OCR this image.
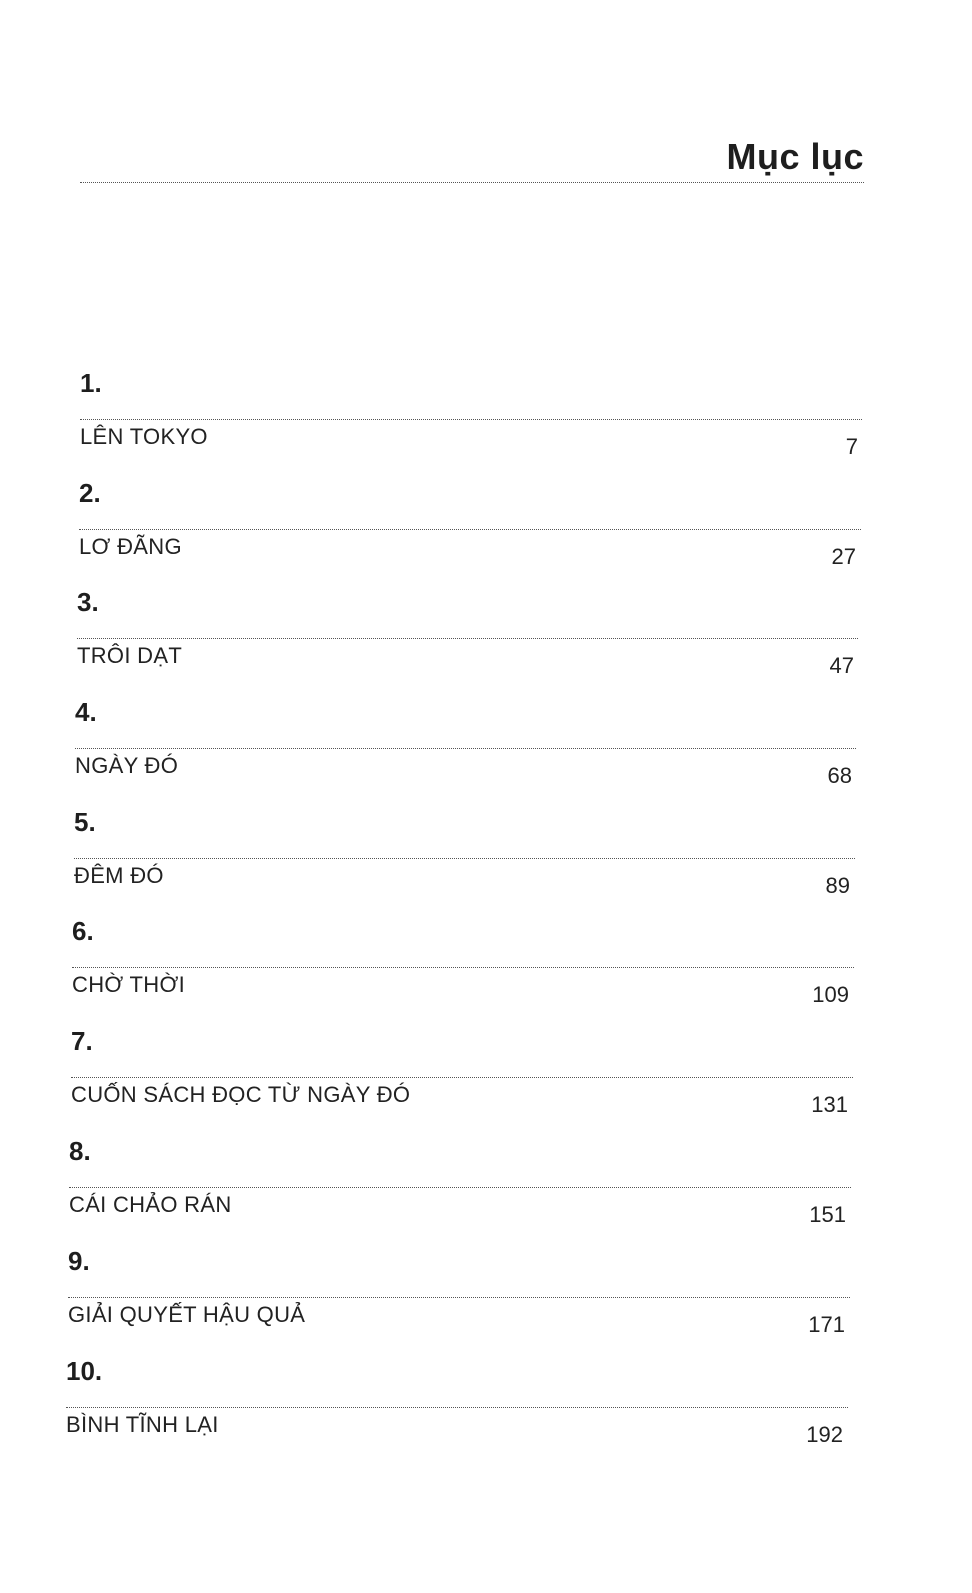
Mục lục
1.
LÊN TOKYO	7
2.
LƠ ĐÃNG	27
3.
TRÔI DẠT	47
4.
NGÀY ĐÓ	68
5.
ĐÊM ĐÓ	89
6.
CHỜ THỜI	109
7.
CUỐN SÁCH ĐỌC TỪ NGÀY ĐÓ	131
8.
CÁI CHẢO RÁN	151
9.
GIẢI QUYẾT HẬU QUẢ	171
10.
BÌNH TĨNH LẠI	192
